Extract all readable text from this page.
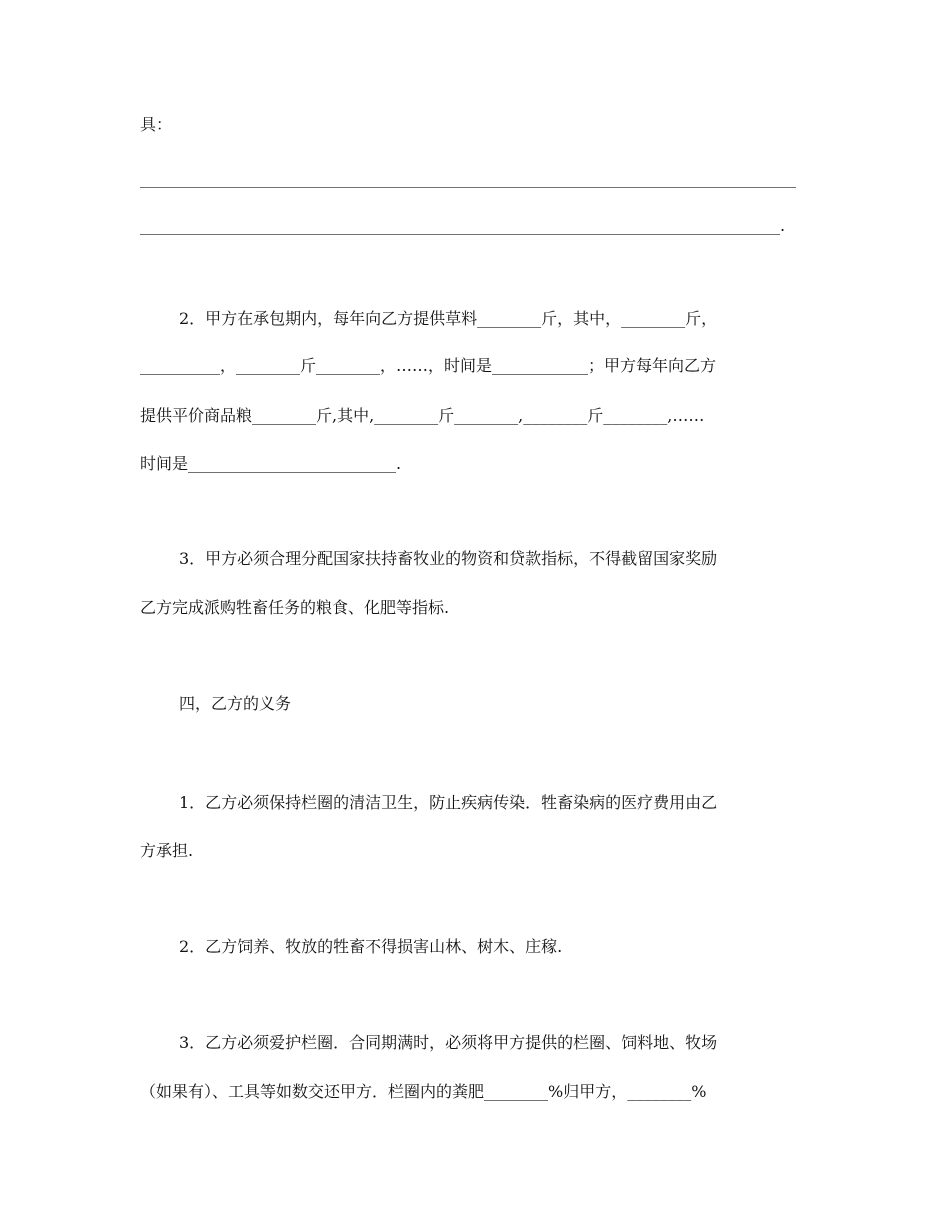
具：
__________________________________________________________________________________
________________________________________________________________________________.
2．甲方在承包期内，每年向乙方提供草料________斤，其中，________斤，
__________，________斤________，……，时间是____________；甲方每年向乙方
提供平价商品粮________斤,其中,________斤________,________斤________,……
时间是__________________________.
3．甲方必须合理分配国家扶持畜牧业的物资和贷款指标，不得截留国家奖励
乙方完成派购牲畜任务的粮食、化肥等指标.
四，乙方的义务
1．乙方必须保持栏圈的清洁卫生，防止疾病传染．牲畜染病的医疗费用由乙
方承担.
2．乙方饲养、牧放的牲畜不得损害山林、树木、庄稼.
3．乙方必须爱护栏圈．合同期满时，必须将甲方提供的栏圈、饲料地、牧场
（如果有）、工具等如数交还甲方．栏圈内的粪肥________%归甲方，________%
